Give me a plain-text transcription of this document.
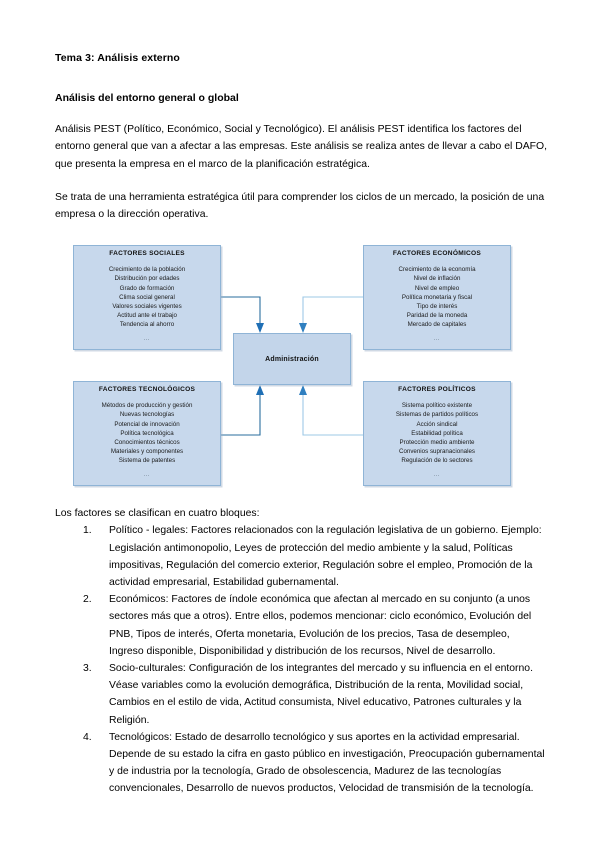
Tema 3: Análisis externo
Análisis del entorno general o global

Análisis PEST (Político, Económico, Social y Tecnológico). El análisis PEST identifica los factores del entorno general que van a afectar a las empresas. Este análisis se realiza antes de llevar a cabo el DAFO, que presenta la empresa en el marco de la planificación estratégica.

Se trata de una herramienta estratégica útil para comprender los ciclos de un mercado, la posición de una empresa o la dirección operativa.

FACTORES SOCIALES
Crecimiento de la población
Distribución por edades
Grado de formación
Clima social general
Valores sociales vigentes
Actitud ante el trabajo
Tendencia al ahorro
…
FACTORES ECONÓMICOS
Crecimiento de la economía
Nivel de inflación
Nivel de empleo
Política monetaria y fiscal
Tipo de interés
Paridad de la moneda
Mercado de capitales
…
FACTORES TECNOLÓGICOS
Métodos de producción y gestión
Nuevas tecnologías
Potencial de innovación
Política tecnológica
Conocimientos técnicos
Materiales y componentes
Sistema de patentes
…
FACTORES POLÍTICOS
Sistema político existente
Sistemas de partidos políticos
Acción sindical
Estabilidad política
Protección medio ambiente
Convenios supranacionales
Regulación de lo sectores
…
Administración

Los factores se clasifican en cuatro bloques:

Político - legales: Factores relacionados con la regulación legislativa de un gobierno. Ejemplo: Legislación antimonopolio, Leyes de protección del medio ambiente y la salud, Políticas impositivas, Regulación del comercio exterior, Regulación sobre el empleo, Promoción de la actividad empresarial, Estabilidad gubernamental.
Económicos: Factores de índole económica que afectan al mercado en su conjunto (a unos sectores más que a otros). Entre ellos, podemos mencionar: ciclo económico, Evolución del PNB, Tipos de interés, Oferta monetaria, Evolución de los precios, Tasa de desempleo, Ingreso disponible, Disponibilidad y distribución de los recursos, Nivel de desarrollo.
Socio-culturales: Configuración de los integrantes del mercado y su influencia en el entorno. Véase variables como la evolución demográfica, Distribución de la renta, Movilidad social, Cambios en el estilo de vida, Actitud consumista, Nivel educativo, Patrones culturales y la Religión.
Tecnológicos: Estado de desarrollo tecnológico y sus aportes en la actividad empresarial. Depende de su estado la cifra en gasto público en investigación, Preocupación gubernamental y de industria por la tecnología, Grado de obsolescencia, Madurez de las tecnologías convencionales, Desarrollo de nuevos productos, Velocidad de transmisión de la tecnología.
